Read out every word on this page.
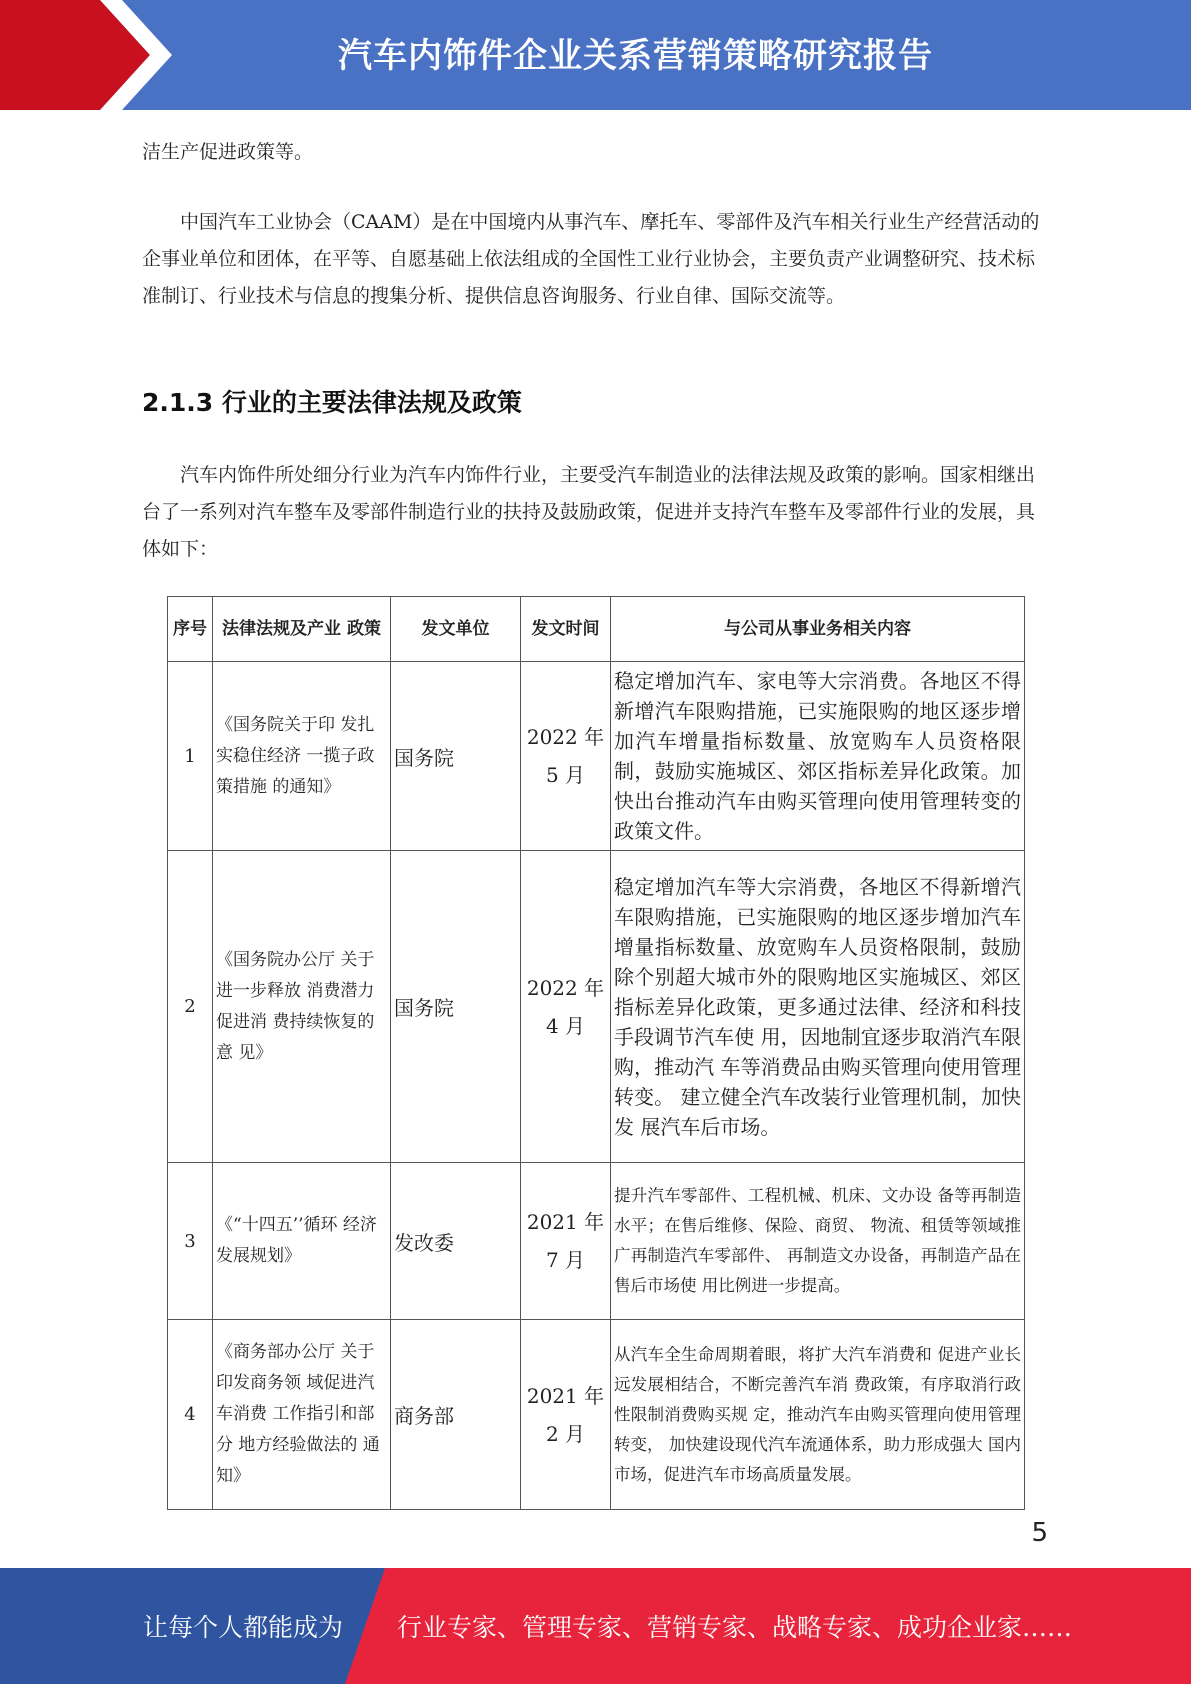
汽车内饰件企业关系营销策略研究报告
洁生产促进政策等。
中国汽车工业协会（CAAM）是在中国境内从事汽车、摩托车、零部件及汽车相关行业生产经营活动的企事业单位和团体，在平等、自愿基础上依法组成的全国性工业行业协会，主要负责产业调整研究、技术标准制订、行业技术与信息的搜集分析、提供信息咨询服务、行业自律、国际交流等。
2.1.3 行业的主要法律法规及政策
汽车内饰件所处细分行业为汽车内饰件行业，主要受汽车制造业的法律法规及政策的影响。国家相继出台了一系列对汽车整车及零部件制造行业的扶持及鼓励政策，促进并支持汽车整车及零部件行业的发展，具体如下：
序号	法律法规及产业 政策	发文单位	发文时间	与公司从事业务相关内容
1	《国务院关于印 发扎实稳住经济 一揽子政策措施 的通知》	国务院	2022 年 5 月	稳定增加汽车、家电等大宗消费。各地区不得新增汽车限购措施，已实施限购的地区逐步增加汽车增量指标数量、放宽购车人员资格限制，鼓励实施城区、郊区指标差异化政策。加快出台推动汽车由购买管理向使用管理转变的政策文件。
2	《国务院办公厅 关于进一步释放 消费潜力促进消 费持续恢复的意 见》	国务院	2022 年 4 月	稳定增加汽车等大宗消费，各地区不得新增汽车限购措施，已实施限购的地区逐步增加汽车增量指标数量、放宽购车人员资格限制，鼓励除个别超大城市外的限购地区实施城区、郊区指标差异化政策，更多通过法律、经济和科技手段调节汽车使 用，因地制宜逐步取消汽车限购，推动汽 车等消费品由购买管理向使用管理转变。 建立健全汽车改装行业管理机制，加快发 展汽车后市场。
3	《“十四五’’循环 经济发展规划》	发改委	2021 年 7 月	提升汽车零部件、工程机械、机床、文办设 备等再制造水平；在售后维修、保险、商贸、 物流、租赁等领域推广再制造汽车零部件、 再制造文办设备，再制造产品在售后市场使 用比例进一步提高。
4	《商务部办公厅 关于印发商务领 域促进汽车消费 工作指引和部分 地方经验做法的 通知》	商务部	2021 年 2 月	从汽车全生命周期着眼，将扩大汽车消费和 促进产业长远发展相结合，不断完善汽车消 费政策，有序取消行政性限制消费购买规 定，推动汽车由购买管理向使用管理转变， 加快建设现代汽车流通体系，助力形成强大 国内市场，促进汽车市场高质量发展。
5
让每个人都能成为 行业专家、管理专家、营销专家、战略专家、成功企业家……
